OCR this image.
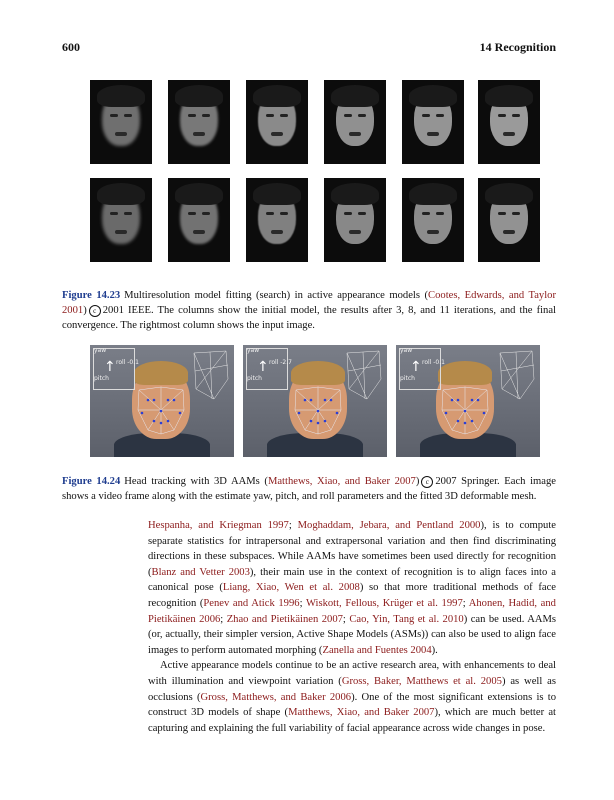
600	14 Recognition
Figure 14.23 Multiresolution model fitting (search) in active appearance models (Cootes, Edwards, and Taylor 2001) c 2001 IEEE. The columns show the initial model, the results after 3, 8, and 11 iterations, and the final convergence. The rightmost column shows the input image.
yaw
↑ roll -0.1
pitch
yaw
↑ roll -2.7
pitch
yaw
↑ roll -0.1
pitch
Figure 14.24 Head tracking with 3D AAMs (Matthews, Xiao, and Baker 2007) c 2007 Springer. Each image shows a video frame along with the estimate yaw, pitch, and roll parameters and the fitted 3D deformable mesh.

Hespanha, and Kriegman 1997; Moghaddam, Jebara, and Pentland 2000), is to compute separate statistics for intrapersonal and extrapersonal variation and then find discriminating directions in these subspaces. While AAMs have sometimes been used directly for recognition (Blanz and Vetter 2003), their main use in the context of recognition is to align faces into a canonical pose (Liang, Xiao, Wen et al. 2008) so that more traditional methods of face recognition (Penev and Atick 1996; Wiskott, Fellous, Krüger et al. 1997; Ahonen, Hadid, and Pietikäinen 2006; Zhao and Pietikäinen 2007; Cao, Yin, Tang et al. 2010) can be used. AAMs (or, actually, their simpler version, Active Shape Models (ASMs)) can also be used to align face images to perform automated morphing (Zanella and Fuentes 2004).

Active appearance models continue to be an active research area, with enhancements to deal with illumination and viewpoint variation (Gross, Baker, Matthews et al. 2005) as well as occlusions (Gross, Matthews, and Baker 2006). One of the most significant extensions is to construct 3D models of shape (Matthews, Xiao, and Baker 2007), which are much better at capturing and explaining the full variability of facial appearance across wide changes in pose.
